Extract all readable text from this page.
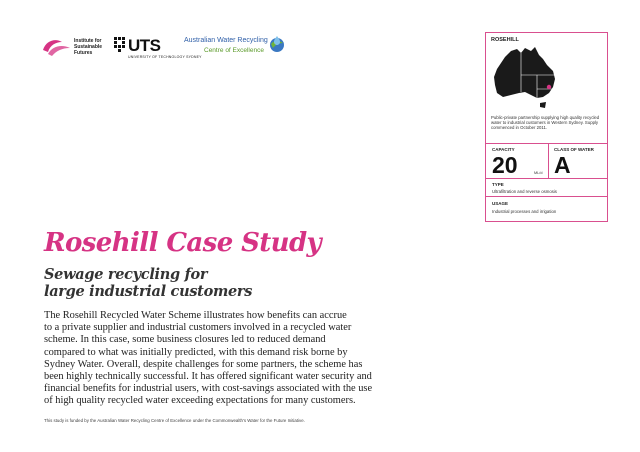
Institute for Sustainable Futures	UTS
UNIVERSITY OF TECHNOLOGY SYDNEY
Australian Water Recycling
Centre of Excellence
ROSEHILL
Public-private partnership supplying high quality recycled water to industrial customers in Western Sydney. Supply commenced in October 2011.
CAPACITY
20	ML/d
CLASS OF WATER
A
TYPE
Ultrafiltration and reverse osmosis
USAGE
Industrial processes and irrigation
Rosehill Case Study
Sewage recycling for
large industrial customers
The Rosehill Recycled Water Scheme illustrates how benefits can accrue
to a private supplier and industrial customers involved in a recycled water
scheme. In this case, some business closures led to reduced demand
compared to what was initially predicted, with this demand risk borne by
Sydney Water. Overall, despite challenges for some partners, the scheme has
been highly technically successful. It has offered significant water security and
financial benefits for industrial users, with cost-savings associated with the use
of high quality recycled water exceeding expectations for many customers.
This study is funded by the Australian Water Recycling Centre of Excellence under the Commonwealth's Water for the Future Initiative.
